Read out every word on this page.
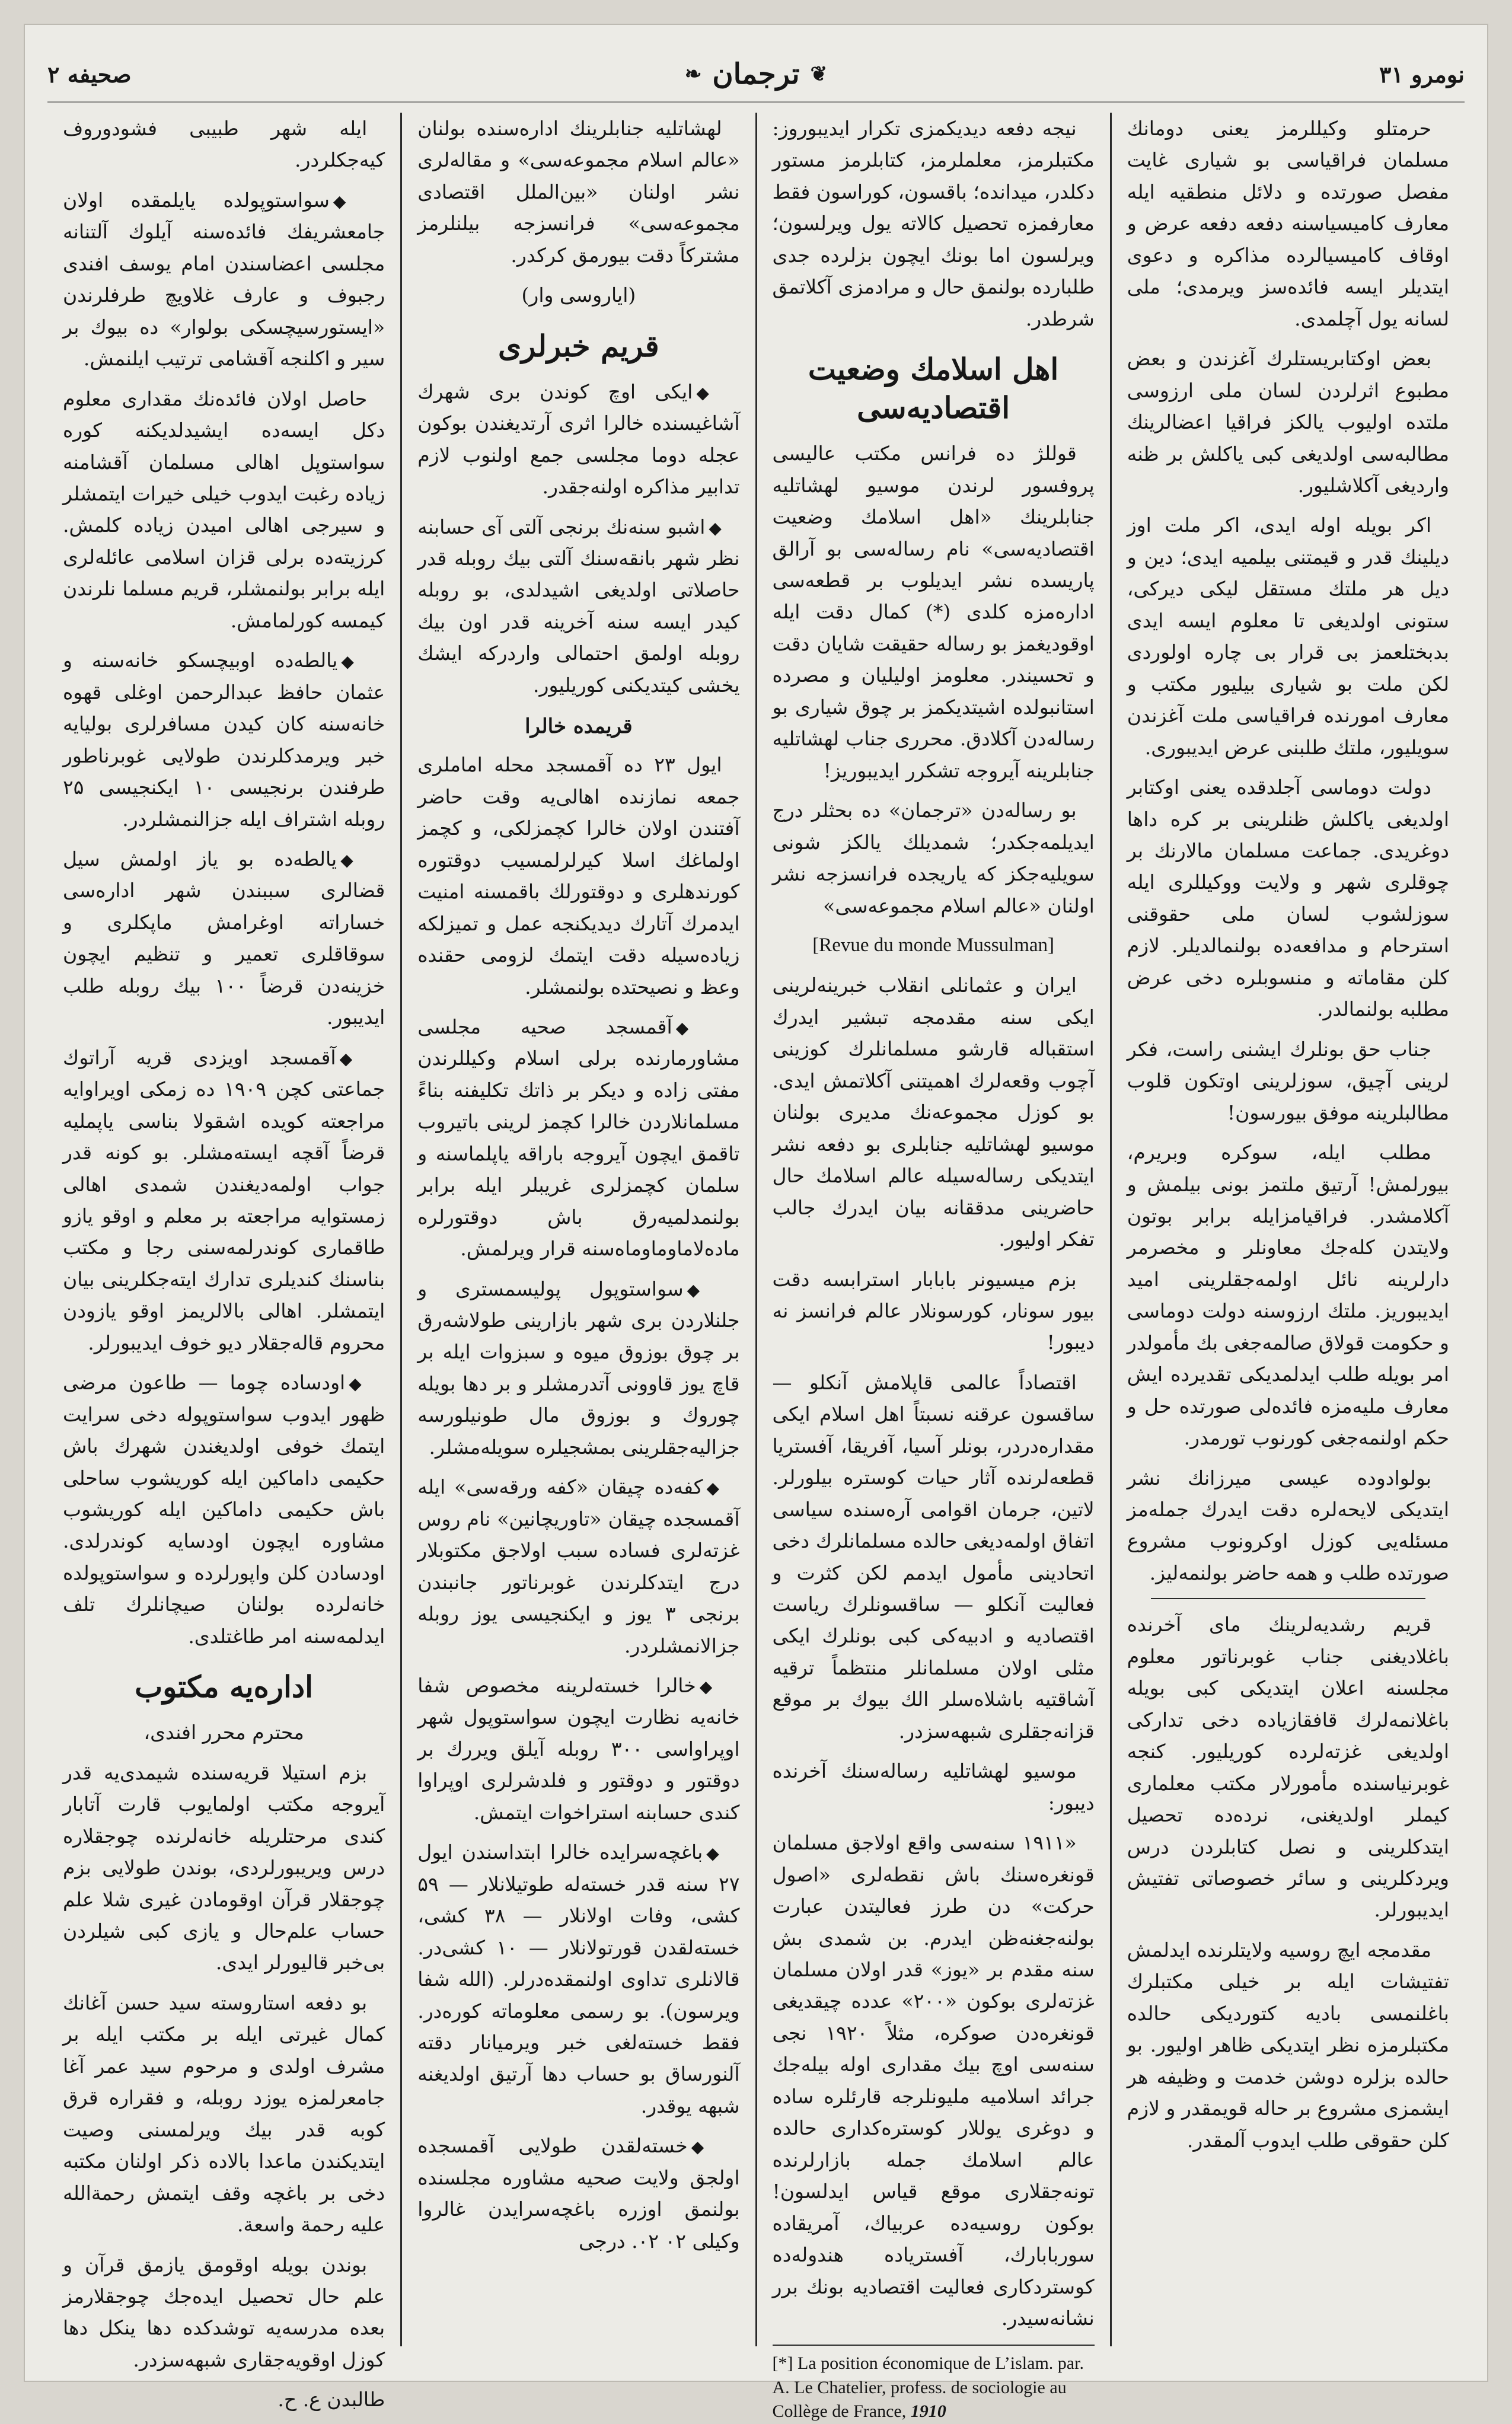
صحیفه ۲	❦
ترجمان
❧	نومرو ۳۱

حرمتلو وکیللرمز یعنی دومانك مسلمان فراقیاسی بو شیاری غایت مفصل صورتده و دلائل منطقیه ایله معارف کامیسیاسنه دفعه دفعه عرض و اوقاف کامیسیالرده مذاکره و دعوی ایتدیلر ایسه فائده‌سز ویرمدی؛ ملی لسانه یول آچلمدی.

بعض اوکتابریستلرك آغزندن و بعض مطبوع اثرلردن لسان ملی ارزوسی ملتده اولیوب یالکز فراقیا اعضالرینك مطالبه‌سی اولدیغی کبی یاکلش بر ظنه واردیغی آکلاشلیور.

اکر بویله اوله ایدی، اکر ملت اوز دیلینك قدر و قیمتنی بیلمیه ایدی؛ دین و دیل هر ملتك مستقل لیکی دیرکی، ستونی اولدیغی تا معلوم ایسه ایدی بدبختلعمز بی قرار بی چاره اولوردی لکن ملت بو شیاری بیلیور مکتب و معارف امورنده فراقیاسی ملت آغزندن سویلیور، ملتك طلبنی عرض ایدیبوری.

دولت دوماسی آجلدقده یعنی اوکتابر اولدیغی یاکلش ظنلرینی بر کره داها دوغریدی. جماعت مسلمان مالارنك بر چوقلری شهر و ولایت ووکیللری ایله سوزلشوب لسان ملی حقوقنی استرحام و مدافعه‌ده بولنمالدیلر. لازم کلن مقاماته و منسوبلره دخی عرض مطلبه بولنمالدر.

جناب حق بونلرك ایشنی راست، فکر لرینی آچیق، سوزلرینی اوتکون قلوب مطالبلرینه موفق بیورسون!

مطلب ایله، سوکره وبریرم، بیورلمش! آرتیق ملتمز بونی بیلمش و آکلامشدر. فراقیامزایله برابر بوتون ولایتدن کله‌جك معاونلر و مخصرمر دارلرینه نائل اولمه‌جقلرینی امید ایدیبوریز. ملتك ارزوسنه دولت دوماسی و حکومت قولاق صالمه‌جغی بك مأمولدر امر بویله طلب ایدلمدیکی تقدیرده ایش معارف ملیه‌مزه فائده‌لی صورتده حل و حکم اولنمه‌جغی کورنوب تورمدر.

بولوادوده عیسی میرزانك نشر ایتدیکی لایحه‌لره دقت ایدرك جمله‌مز مسئله‌یی کوزل اوکرونوب مشروع صورتده طلب و همه حاضر بولنمه‌لیز.

قریم رشدیه‌لرینك مای آخرنده باغلادیغنی جناب غوبرناتور معلوم مجلسنه اعلان ایتدیکی کبی بویله باغلانمه‌لرك قافقازیاده دخی تدارکی اولدیغی غزته‌لرده کوریلیور. کنجه غوبرنیاسنده مأمورلار مکتب معلماری کیملر اولدیغنی، نرده‌ده تحصیل ایتدکلرینی و نصل کتابلردن درس ویردکلرینی و سائر خصوصاتی تفتیش ایدیبورلر.

مقدمجه ایچ روسیه ولایتلرنده ایدلمش تفتیشات ایله بر خیلی مکتبلرك باغلنمسی بادیه کتوردیکی حالده مکتبلرمزه نظر ایتدیکی ظاهر اولیور. بو حالده بزلره دوشن خدمت و وظیفه هر ایشمزی مشروع بر حاله قویمقدر و لازم کلن حقوقی طلب ایدوب آلمقدر.

نیجه دفعه دیدیکمزی تکرار ایدیبوروز: مکتبلرمز، معلملرمز، کتابلرمز مستور دکلدر، میدانده؛ باقسون، کوراسون فقط معارفمزه تحصیل کالاته یول ویرلسون؛ ویرلسون اما بونك ایچون بزلرده جدی طلبارده بولنمق حال و مرادمزی آکلاتمق شرطدر.

اهل اسلامك وضعیت اقتصادیه‌سی

قوللژ ده فرانس مکتب عالیسی پروفسور لرندن موسیو لهشاتلیه جنابلرینك «اهل اسلامك وضعیت اقتصادیه‌سی» نام رساله‌سی بو آرالق پاریسده نشر ایدیلوب بر قطعه‌سی اداره‌مزه کلدی (*) کمال دقت ایله اوقودیغمز بو رساله حقیقت شایان دقت و تحسیندر. معلومز اولیلیان و مصرده استانبولده اشیتدیکمز بر چوق شیاری بو رساله‌دن آکلادق. محرری جناب لهشاتلیه جنابلرینه آیروجه تشکرر ایدیبوریز!

بو رساله‌دن «ترجمان» ده بحثلر درج ایدیلمه‌جکدر؛ شمدیلك یالکز شونی سویلیه‌جکز که یاریجده فرانسزجه نشر اولنان «عالم اسلام مجموعه‌سی»

[Revue du monde Mussulman]

ایران و عثمانلی انقلاب خبرینه‌لرینی ایکی سنه مقدمجه تبشیر ایدرك استقباله قارشو مسلمانلرك کوزینی آچوب وقعه‌لرك اهمیتنی آکلاتمش ایدی. بو کوزل مجموعه‌نك مدیری بولنان موسیو لهشاتلیه جنابلری بو دفعه نشر ایتدیکی رساله‌سیله عالم اسلامك حال حاضرینی مدققانه بیان ایدرك جالب تفکر اولیور.

بزم میسیونر بابابار استرابسه دقت بیور سونار، کورسونلار عالم فرانسز نه دیبور!

اقتصاداً عالمی قاپلامش آنکلو — ساقسون عرقنه نسبتاً اهل اسلام ایکی مقداره‌دردر، بونلر آسیا، آفریقا، آفستریا قطعه‌لرنده آثار حیات کوستره بیلورلر. لاتین، جرمان اقوامی آره‌سنده سیاسی اتفاق اولمه‌دیغی حالده مسلمانلرك دخی اتحادینی مأمول ایدمم لکن کثرت و فعالیت آنکلو — ساقسونلرك ریاست اقتصادیه و ادبیه‌کی کبی بونلرك ایکی مثلی اولان مسلمانلر منتظماً ترقیه آشاقتیه باشلاه‌سلر الك بیوك بر موقع قزانه‌جقلری شبهه‌سزدر.

موسیو لهشاتلیه رساله‌سنك آخرنده دیبور:

«۱۹۱۱ سنه‌سی واقع اولاجق مسلمان قونغره‌سنك باش نقطه‌لری «اصول حرکت» دن طرز فعالیتدن عبارت بولنه‌جغنه‌ظن ایدرم. بن شمدی بش سنه مقدم بر «یوز» قدر اولان مسلمان غزته‌لری بوکون «۲۰۰» عدده چیقدیغی قونغره‌دن صوکره، مثلاً ۱۹۲۰ نجی سنه‌سی اوچ بیك مقداری اوله بیله‌جك جرائد اسلامیه ملیونلرجه قارئلره ساده و دوغری یوللار کوستره‌کداری حالده عالم اسلامك جمله بازارلرنده تونه‌جقلاری موقع قیاس ایدلسون! بوکون روسیه‌ده عربیاك، آمریقاده سوربابارك، آفستریاده هندوله‌ده کوستردکاری فعالیت اقتصادیه بونك برر نشانه‌سیدر.

[*] La position économique de L’islam. par. A. Le Chatelier, profess. de sociologie au Collège de France, 1910

لهشاتلیه جنابلرینك اداره‌سنده بولنان «عالم اسلام مجموعه‌سی» و مقاله‌لری نشر اولنان «بین‌الملل اقتصادی مجموعه‌سی» فرانسزجه بیلنلرمز مشترکاً دقت بیورمق کرکدر.

(ایاروسی وار)

قریم خبرلری

◆ایکی اوچ کوندن بری شهرك آشاغیسنده خالرا اثری آرتدیغندن بوکون عجله دوما مجلسی جمع اولنوب لازم تدابیر مذاکره اولنه‌جقدر.

◆اشبو سنه‌نك برنجی آلتی آی حسابنه نظر شهر بانقه‌سنك آلتی بیك روبله قدر حاصلاتی اولدیغی اشیدلدی، بو روبله کیدر ایسه سنه آخرینه قدر اون بیك روبله اولمق احتمالی واردرکه ایشك یخشی کیتدیکنی کوریلیور.

قریمده خالرا

ایول ۲۳ ده آقمسجد محله اماملری جمعه نمازنده اهالی‌یه وقت حاضر آفتندن اولان خالرا کچمزلکی، و کچمز اولماغك اسلا کیرلرلمسیب دوقتوره کورندهلری و دوقتورلك باقمسنه امنیت ایدمرك آتارك دیدیکنجه عمل و تمیزلکه زیاده‌سیله دقت ایتمك لزومی حقنده وعظ و نصیحتده بولنمشلر.

◆آقمسجد صحیه مجلسی مشاورمارنده برلی اسلام وکیللرندن مفتی زاده و دیکر بر ذاتك تکلیفنه بناءً مسلمانلاردن خالرا کچمز لرینی باتیروب تاقمق ایچون آیروجه باراقه یاپلماسنه و سلمان کچمزلری غریبلر ایله برابر بولنمدلمیه‌رق باش دوقتورلره ماده‌لاماوماوماه‌سنه قرار ویرلمش.

◆سواستوپول پولیسمستری و جلنلاردن بری شهر بازارینی طولاشه‌رق بر چوق بوزوق میوه و سبزوات ایله بر قاچ یوز قاوونی آتدرمشلر و بر دها بویله چوروك و بوزوق مال طونیلورسه جزالیه‌جقلرینی بمشجیلره سویله‌مشلر.

◆کفه‌ده چیقان «کفه ورقه‌سی» ایله آقمسجده چیقان «تاوریچانین» نام روس غزته‌لری فساده سبب اولاجق مکتوبلار درج ایتدکلرندن غوبرناتور جانبندن برنجی ۳ یوز و ایکنجیسی یوز روبله جزالانمشلردر.

◆خالرا خسته‌لرینه مخصوص شفا خانه‌یه نظارت ایچون سواستوپول شهر اوپراواسی ۳۰۰ روبله آیلق ویررك بر دوقتور و دوقتور و فلدشرلری اوپراوا کندی حسابنه استراخوات ایتمش.

◆باغچه‌سرایده خالرا ابتداسندن ایول ۲۷ سنه قدر خسته‌له طوتیلانلار — ۵۹ کشی، وفات اولانلار — ۳۸ کشی، خسته‌لقدن قورتولانلار — ۱۰ کشی‌در. قالانلری تداوی اولنمقده‌درلر. (الله شفا ویرسون). بو رسمی معلوماته کوره‌در. فقط خسته‌لغی خبر ویرمیانار دقته آلنورساق بو حساب دها آرتیق اولدیغنه شبهه یوقدر.

◆خسته‌لقدن طولایی آقمسجده اولجق ولایت صحیه مشاوره مجلسنده بولنمق اوزره باغچه‌سرایدن غالروا وکیلی ۰۲ ۰۲. درجی

ایله شهر طبیبی فشودوروف کیه‌جکلردر.

◆سواستوپولده یایلمقده اولان جامعشریفك فائده‌سنه آیلوك آلتنانه مجلسی اعضاسندن امام یوسف افندی رجبوف و عارف غلاویچ طرفلرندن «ایستورسیچسکی بولوار» ده بیوك بر سیر و اکلنجه آقشامی ترتیب ایلنمش.

حاصل اولان فائده‌نك مقداری معلوم دکل ایسه‌ده ایشیدلدیکنه کوره سواستوپل اهالی مسلمان آقشامنه زیاده رغبت ایدوب خیلی خیرات ایتمشلر و سیرجی اهالی امیدن زیاده کلمش. کرزیته‌ده برلی قزان اسلامی عائله‌لری ایله برابر بولنمشلر، قریم مسلما نلرندن کیمسه کورلمامش.

◆یالطه‌ده اوبیچسکو خانه‌سنه و عثمان حافظ عبدالرحمن اوغلی قهوه خانه‌سنه کان کیدن مسافرلری بولیایه خبر ویرمدکلرندن طولایی غوبرناطور طرفندن برنجیسی ۱۰ ایکنجیسی ۲۵ روبله اشتراف ایله جزالنمشلردر.

◆یالطه‌ده بو یاز اولمش سیل قضالری سببندن شهر اداره‌سی خساراته اوغرامش ماپکلری و سوقاقلری تعمیر و تنظیم ایچون خزینه‌دن قرضاً ۱۰۰ بیك روبله طلب ایدیبور.

◆آقمسجد اویزدی قریه آراتوك جماعتی کچن ۱۹۰۹ ده زمکی اویراوایه مراجعته کویده اشقولا بناسی یاپملیه قرضاً آقچه ایسته‌مشلر. بو کونه قدر جواب اولمه‌دیغندن شمدی اهالی زمستوایه مراجعته بر معلم و اوقو یازو طاقماری کوندرلمه‌سنی رجا و مکتب بناسنك کندیلری تدارك ایته‌جکلرینی بیان ایتمشلر. اهالی بالالریمز اوقو یازودن محروم قاله‌جقلار دیو خوف ایدیبورلر.

◆اودساده چوما — طاعون مرضی ظهور ایدوب سواستوپوله دخی سرایت ایتمك خوفی اولدیغندن شهرك باش حکیمی داماکین ایله کوریشوب ساحلی باش حکیمی داماکین ایله کوریشوب مشاوره ایچون اودسایه کوندرلدی. اودسادن کلن واپورلرده و سواستوپولده خانه‌لرده بولنان صیچانلرك تلف ایدلمه‌سنه امر طاغتلدی.

اداره‌یه مکتوب

محترم محرر افندی،

بزم استیلا قریه‌سنده شیمدی‌یه قدر آیروجه مکتب اولمایوب قارت آتابار کندی مرحتلریله خانه‌لرنده چوجقلاره درس ویریبورلردی، بوندن طولایی بزم چوجقلار قرآن اوقومادن غیری شلا علم حساب علم‌حال و یازی کبی شیلردن بی‌خبر قالیورلر ایدی.

بو دفعه استاروسته سید حسن آغانك کمال غیرتی ایله بر مکتب ایله بر مشرف اولدی و مرحوم سید عمر آغا جامعرلمزه یوزد روبله، و فقراره قرق کوبه قدر بیك ویرلمسنی وصیت ایتدیکندن ماعدا بالاده ذکر اولنان مکتبه دخی بر باغچه وقف ایتمش رحمةالله علیه رحمة واسعة.

بوندن بویله اوقومق یازمق قرآن و علم حال تحصیل ایده‌جك چوجقلارمز بعده مدرسه‌یه توشدکده دها ینکل دها کوزل اوقویه‌جقاری شبهه‌سزدر.

طالبدن ع. ح.
